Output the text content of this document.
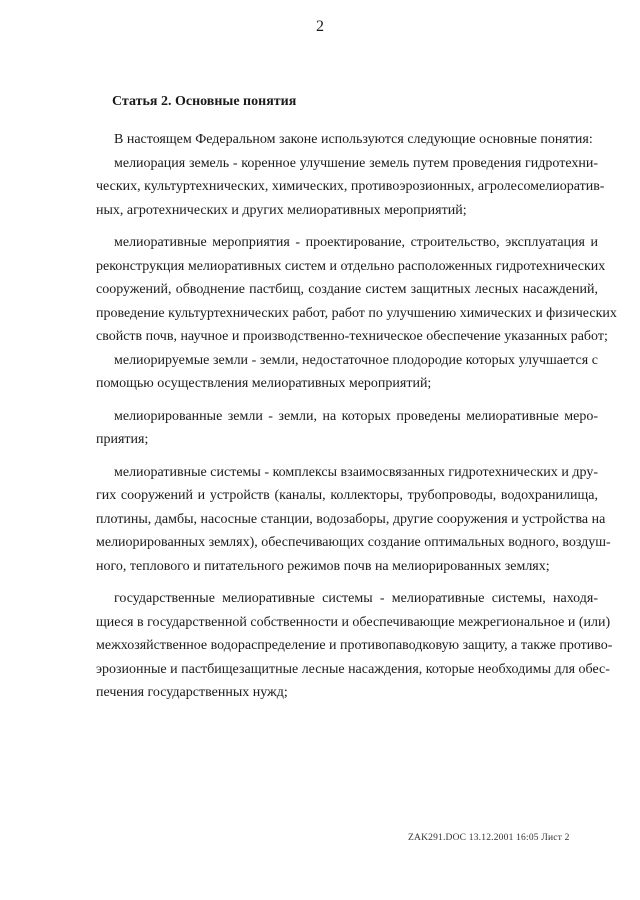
2
Статья 2. Основные понятия
В настоящем Федеральном законе используются следующие основные понятия:
мелиорация земель - коренное улучшение земель путем проведения гидротехни-
ческих, культуртехнических, химических, противоэрозионных, агролесомелиоратив-
ных, агротехнических и других мелиоративных мероприятий;
мелиоративные мероприятия - проектирование, строительство, эксплуатация и
реконструкция мелиоративных систем и отдельно расположенных гидротехнических
сооружений, обводнение пастбищ, создание систем защитных лесных насаждений,
проведение культуртехнических работ, работ по улучшению химических и физических
свойств почв, научное и производственно-техническое обеспечение указанных работ;
мелиорируемые земли - земли, недостаточное плодородие которых улучшается с
помощью осуществления мелиоративных мероприятий;
мелиорированные земли - земли, на которых проведены мелиоративные меро-
приятия;
мелиоративные системы - комплексы взаимосвязанных гидротехнических и дру-
гих сооружений и устройств (каналы, коллекторы, трубопроводы, водохранилища,
плотины, дамбы, насосные станции, водозаборы, другие сооружения и устройства на
мелиорированных землях), обеспечивающих создание оптимальных водного, воздуш-
ного, теплового и питательного режимов почв на мелиорированных землях;
государственные мелиоративные системы - мелиоративные системы, находя-
щиеся в государственной собственности и обеспечивающие межрегиональное и (или)
межхозяйственное водораспределение и противопаводковую защиту, а также противо-
эрозионные и пастбищезащитные лесные насаждения, которые необходимы для обес-
печения государственных нужд;
ZAK291.DOC 13.12.2001 16:05 Лист 2
